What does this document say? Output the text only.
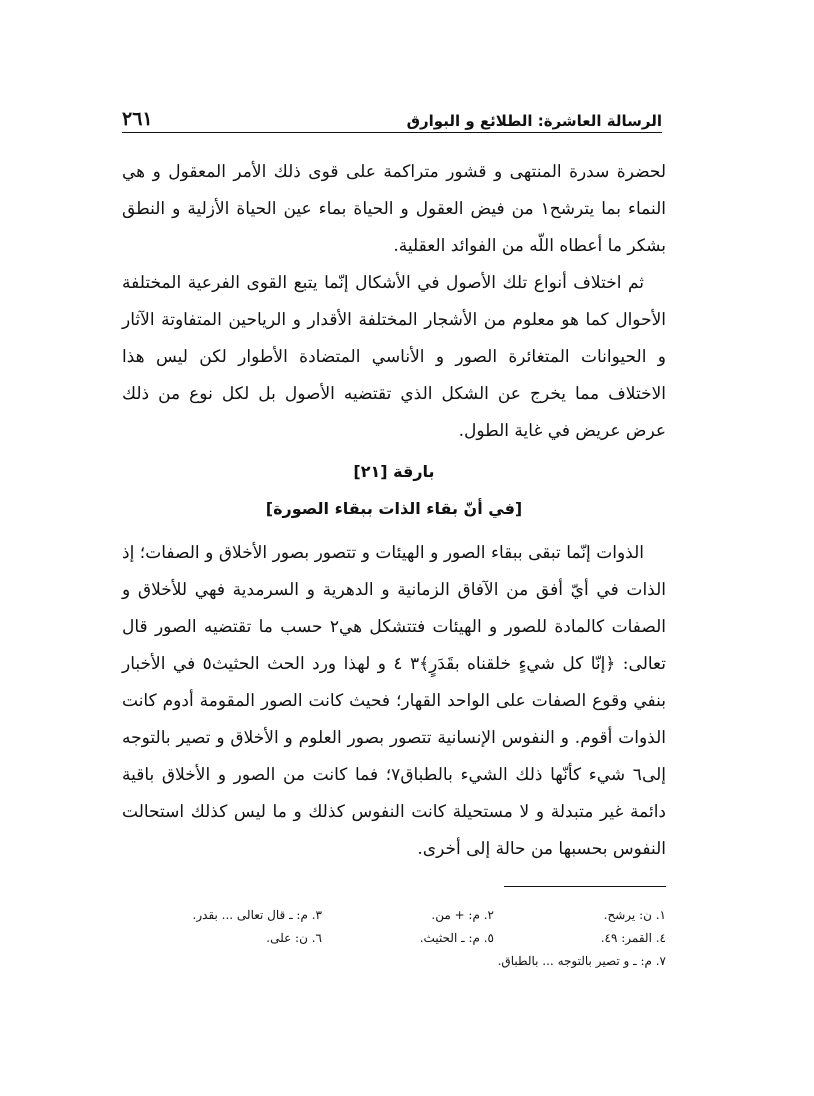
الرسالة العاشرة: الطلائع و البوارق
٢٦١

لحضرة سدرة المنتهى و قشور متراكمة على قوى ذلك الأمر المعقول و هي النماء بما يترشح١ من فيض العقول و الحياة بماء عين الحياة الأزلية و النطق بشكر ما أعطاه اللّه من الفوائد العقلية.

ثم اختلاف أنواع تلك الأصول في الأشكال إنّما يتبع القوى الفرعية المختلفة الأحوال كما هو معلوم من الأشجار المختلفة الأقدار و الرياحين المتفاوتة الآثار و الحيوانات المتغائرة الصور و الأناسي المتضادة الأطوار لكن ليس هذا الاختلاف مما يخرج عن الشكل الذي تقتضيه الأصول بل لكل نوع من ذلك عرض عريض في غاية الطول.

بارقة [٢١]
[في أنّ بقاء الذات ببقاء الصورة]

الذوات إنّما تبقى ببقاء الصور و الهيئات و تتصور بصور الأخلاق و الصفات؛ إذ الذات في أيّ أفق من الآفاق الزمانية و الدهرية و السرمدية فهي للأخلاق و الصفات كالمادة للصور و الهيئات فتتشكل هي٢ حسب ما تقتضيه الصور قال تعالى: ﴿إنّا كل شيءٍ خلقناه بقَدَرٍ﴾٣ ٤ و لهذا ورد الحث الحثيث٥ في الأخبار بنفي وقوع الصفات على الواحد القهار؛ فحيث كانت الصور المقومة أدوم كانت الذوات أقوم. و النفوس الإنسانية تتصور بصور العلوم و الأخلاق و تصير بالتوجه إلى٦ شيء كأنّها ذلك الشيء بالطباق٧؛ فما كانت من الصور و الأخلاق باقية دائمة غير متبدلة و لا مستحيلة كانت النفوس كذلك و ما ليس كذلك استحالت النفوس بحسبها من حالة إلى أخرى.

١. ن: يرشح.
٢. م: + من.
٣. م: ـ قال تعالى ... بقدر.
٤. القمر: ٤٩.
٥. م: ـ الحثيث.
٦. ن: على.
٧. م: ـ و تصير بالتوجه ... بالطباق.
